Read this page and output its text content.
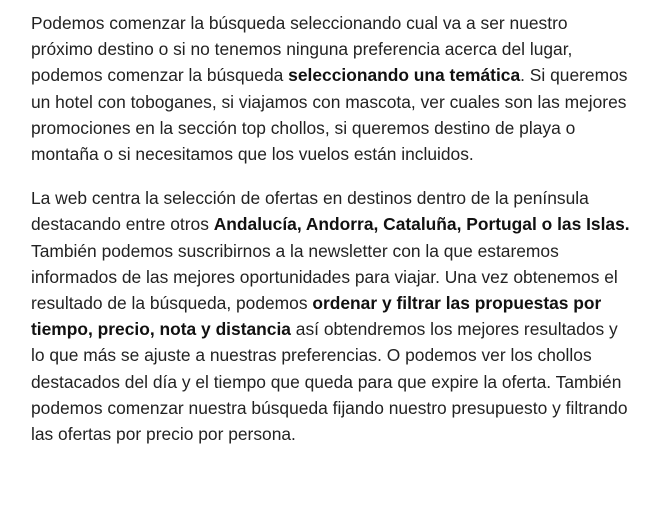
Podemos comenzar la búsqueda seleccionando cual va a ser nuestro próximo destino o si no tenemos ninguna preferencia acerca del lugar, podemos comenzar la búsqueda seleccionando una temática. Si queremos un hotel con toboganes, si viajamos con mascota, ver cuales son las mejores promociones en la sección top chollos, si queremos destino de playa o montaña o si necesitamos que los vuelos están incluidos.

La web centra la selección de ofertas en destinos dentro de la península destacando entre otros Andalucía, Andorra, Cataluña, Portugal o las Islas. También podemos suscribirnos a la newsletter con la que estaremos informados de las mejores oportunidades para viajar. Una vez obtenemos el resultado de la búsqueda, podemos ordenar y filtrar las propuestas por tiempo, precio, nota y distancia así obtendremos los mejores resultados y lo que más se ajuste a nuestras preferencias. O podemos ver los chollos destacados del día y el tiempo que queda para que expire la oferta. También podemos comenzar nuestra búsqueda fijando nuestro presupuesto y filtrando las ofertas por precio por persona.
